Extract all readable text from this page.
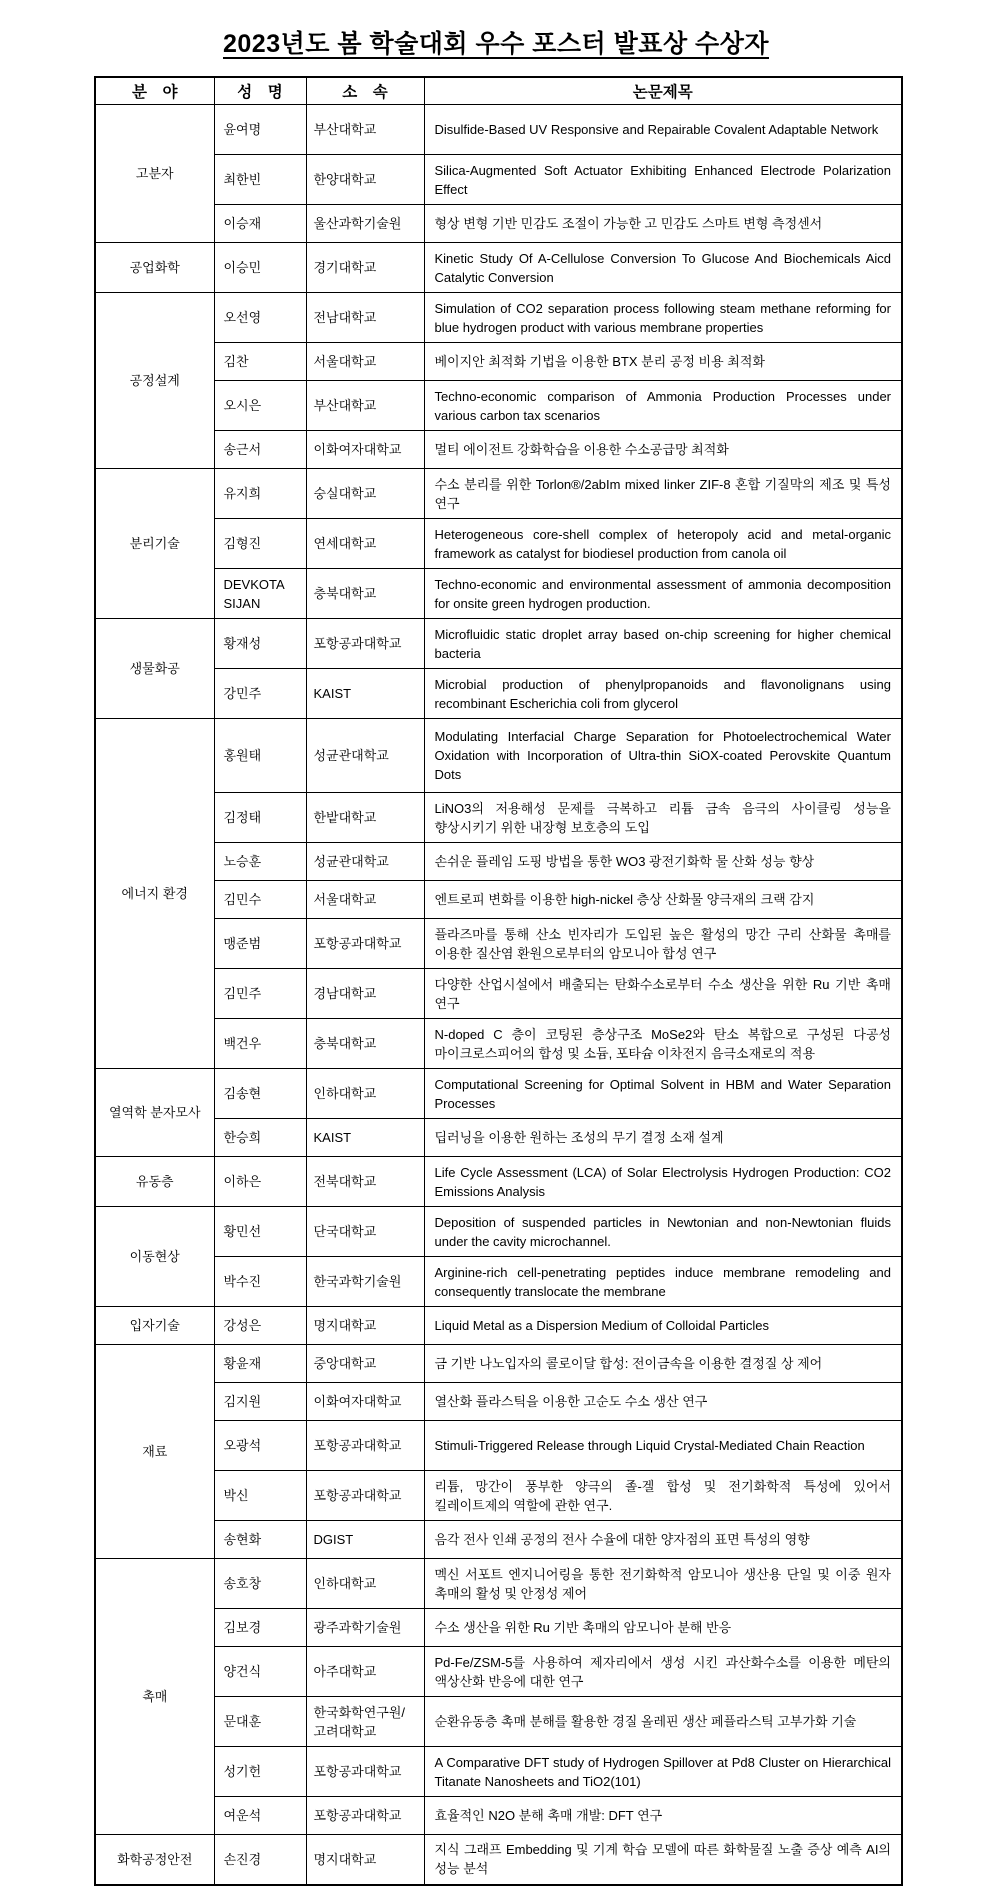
2023년도 봄 학술대회 우수 포스터 발표상 수상자
분　야	성　명	소　속	논문제목
고분자	윤여명	부산대학교	Disulfide-Based UV Responsive and Repairable Covalent Adaptable Network
	최한빈	한양대학교	Silica-Augmented Soft Actuator Exhibiting Enhanced Electrode Polarization Effect
	이승재	울산과학기술원	형상 변형 기반 민감도 조절이 가능한 고 민감도 스마트 변형 측정센서
공업화학	이승민	경기대학교	Kinetic Study Of A-Cellulose Conversion To Glucose And Biochemicals Aicd Catalytic Conversion
공정설계	오선영	전남대학교	Simulation of CO2 separation process following steam methane reforming for blue hydrogen product with various membrane properties
	김찬	서울대학교	베이지안 최적화 기법을 이용한 BTX 분리 공정 비용 최적화
	오시은	부산대학교	Techno-economic comparison of Ammonia Production Processes under various carbon tax scenarios
	송근서	이화여자대학교	멀티 에이전트 강화학습을 이용한 수소공급망 최적화
분리기술	유지희	숭실대학교	수소 분리를 위한 Torlon®/2abIm mixed linker ZIF-8 혼합 기질막의 제조 및 특성 연구
	김형진	연세대학교	Heterogeneous core-shell complex of heteropoly acid and metal-organic framework as catalyst for biodiesel production from canola oil
	DEVKOTA SIJAN	충북대학교	Techno-economic and environmental assessment of ammonia decomposition for onsite green hydrogen production.
생물화공	황재성	포항공과대학교	Microfluidic static droplet array based on-chip screening for higher chemical bacteria
	강민주	KAIST	Microbial production of phenylpropanoids and flavonolignans using recombinant Escherichia coli from glycerol
에너지 환경	홍원태	성균관대학교	Modulating Interfacial Charge Separation for Photoelectrochemical Water Oxidation with Incorporation of Ultra-thin SiOX-coated Perovskite Quantum Dots
	김정태	한밭대학교	LiNO3의 저용해성 문제를 극복하고 리튬 금속 음극의 사이클링 성능을 향상시키기 위한 내장형 보호층의 도입
	노승훈	성균관대학교	손쉬운 플레임 도핑 방법을 통한 WO3 광전기화학 물 산화 성능 향상
	김민수	서울대학교	엔트로피 변화를 이용한 high-nickel 층상 산화물 양극재의 크랙 감지
	맹준범	포항공과대학교	플라즈마를 통해 산소 빈자리가 도입된 높은 활성의 망간 구리 산화물 촉매를 이용한 질산염 환원으로부터의 암모니아 합성 연구
	김민주	경남대학교	다양한 산업시설에서 배출되는 탄화수소로부터 수소 생산을 위한 Ru 기반 촉매 연구
	백건우	충북대학교	N-doped C 층이 코팅된 층상구조 MoSe2와 탄소 복합으로 구성된 다공성 마이크로스피어의 합성 및 소듐, 포타슘 이차전지 음극소재로의 적용
열역학 분자모사	김송현	인하대학교	Computational Screening for Optimal Solvent in HBM and Water Separation Processes
	한승희	KAIST	딥러닝을 이용한 원하는 조성의 무기 결정 소재 설계
유동층	이하은	전북대학교	Life Cycle Assessment (LCA) of Solar Electrolysis Hydrogen Production: CO2 Emissions Analysis
이동현상	황민선	단국대학교	Deposition of suspended particles in Newtonian and non-Newtonian fluids under the cavity microchannel.
	박수진	한국과학기술원	Arginine-rich cell-penetrating peptides induce membrane remodeling and consequently translocate the membrane
입자기술	강성은	명지대학교	Liquid Metal as a Dispersion Medium of Colloidal Particles
재료	황윤재	중앙대학교	금 기반 나노입자의 콜로이달 합성: 전이금속을 이용한 결정질 상 제어
	김지원	이화여자대학교	열산화 플라스틱을 이용한 고순도 수소 생산 연구
	오광석	포항공과대학교	Stimuli-Triggered Release through Liquid Crystal-Mediated Chain Reaction
	박신	포항공과대학교	리튬, 망간이 풍부한 양극의 졸-겔 합성 및 전기화학적 특성에 있어서 킬레이트제의 역할에 관한 연구.
	송현화	DGIST	음각 전사 인쇄 공정의 전사 수율에 대한 양자점의 표면 특성의 영향
촉매	송호창	인하대학교	멕신 서포트 엔지니어링을 통한 전기화학적 암모니아 생산용 단일 및 이중 원자 촉매의 활성 및 안정성 제어
	김보경	광주과학기술원	수소 생산을 위한 Ru 기반 촉매의 암모니아 분해 반응
	양건식	아주대학교	Pd-Fe/ZSM-5를 사용하여 제자리에서 생성 시킨 과산화수소를 이용한 메탄의 액상산화 반응에 대한 연구
	문대훈	한국화학연구원/고려대학교	순환유동층 촉매 분해를 활용한 경질 올레핀 생산 페플라스틱 고부가화 기술
	성기헌	포항공과대학교	A Comparative DFT study of Hydrogen Spillover at Pd8 Cluster on Hierarchical Titanate Nanosheets and TiO2(101)
	여운석	포항공과대학교	효율적인 N2O 분해 촉매 개발: DFT 연구
화학공정안전	손진경	명지대학교	지식 그래프 Embedding 및 기계 학습 모델에 따른 화학물질 노출 증상 예측 AI의 성능 분석
